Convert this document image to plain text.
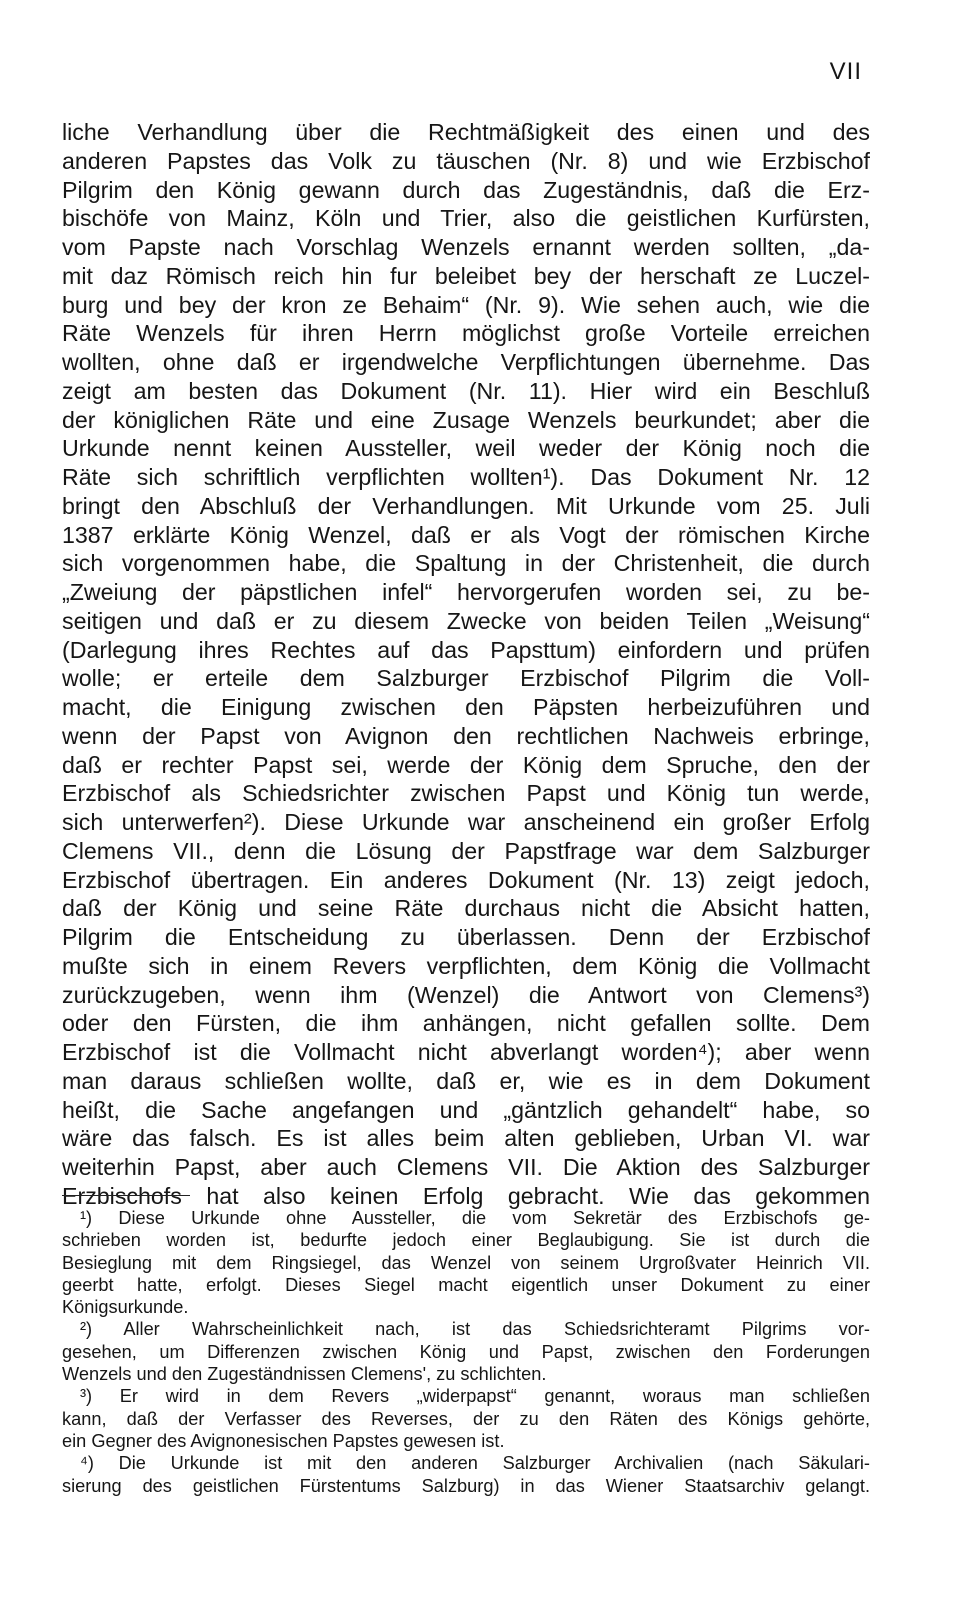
VII
liche Verhandlung über die Rechtmäßigkeit des einen und des
anderen Papstes das Volk zu täuschen (Nr. 8) und wie Erzbischof
Pilgrim den König gewann durch das Zugeständnis, daß die Erz-
bischöfe von Mainz, Köln und Trier, also die geistlichen Kurfürsten,
vom Papste nach Vorschlag Wenzels ernannt werden sollten, „da-
mit daz Römisch reich hin fur beleibet bey der herschaft ze Luczel-
burg und bey der kron ze Behaim“ (Nr. 9). Wie sehen auch, wie die
Räte Wenzels für ihren Herrn möglichst große Vorteile erreichen
wollten, ohne daß er irgendwelche Verpflichtungen übernehme. Das
zeigt am besten das Dokument (Nr. 11). Hier wird ein Beschluß
der königlichen Räte und eine Zusage Wenzels beurkundet; aber die
Urkunde nennt keinen Aussteller, weil weder der König noch die
Räte sich schriftlich verpflichten wollten¹). Das Dokument Nr. 12
bringt den Abschluß der Verhandlungen. Mit Urkunde vom 25. Juli
1387 erklärte König Wenzel, daß er als Vogt der römischen Kirche
sich vorgenommen habe, die Spaltung in der Christenheit, die durch
„Zweiung der päpstlichen infel“ hervorgerufen worden sei, zu be-
seitigen und daß er zu diesem Zwecke von beiden Teilen „Weisung“
(Darlegung ihres Rechtes auf das Papsttum) einfordern und prüfen
wolle; er erteile dem Salzburger Erzbischof Pilgrim die Voll-
macht, die Einigung zwischen den Päpsten herbeizuführen und
wenn der Papst von Avignon den rechtlichen Nachweis erbringe,
daß er rechter Papst sei, werde der König dem Spruche, den der
Erzbischof als Schiedsrichter zwischen Papst und König tun werde,
sich unterwerfen²). Diese Urkunde war anscheinend ein großer Erfolg
Clemens VII., denn die Lösung der Papstfrage war dem Salzburger
Erzbischof übertragen. Ein anderes Dokument (Nr. 13) zeigt jedoch,
daß der König und seine Räte durchaus nicht die Absicht hatten,
Pilgrim die Entscheidung zu überlassen. Denn der Erzbischof
mußte sich in einem Revers verpflichten, dem König die Vollmacht
zurückzugeben, wenn ihm (Wenzel) die Antwort von Clemens³)
oder den Fürsten, die ihm anhängen, nicht gefallen sollte. Dem
Erzbischof ist die Vollmacht nicht abverlangt worden⁴); aber wenn
man daraus schließen wollte, daß er, wie es in dem Dokument
heißt, die Sache angefangen und „gäntzlich gehandelt“ habe, so
wäre das falsch. Es ist alles beim alten geblieben, Urban VI. war
weiterhin Papst, aber auch Clemens VII. Die Aktion des Salzburger
Erzbischofs hat also keinen Erfolg gebracht. Wie das gekommen
¹) Diese Urkunde ohne Aussteller, die vom Sekretär des Erzbischofs ge-
schrieben worden ist, bedurfte jedoch einer Beglaubigung. Sie ist durch die
Besieglung mit dem Ringsiegel, das Wenzel von seinem Urgroßvater Heinrich VII.
geerbt hatte, erfolgt. Dieses Siegel macht eigentlich unser Dokument zu einer
Königsurkunde.
²) Aller Wahrscheinlichkeit nach, ist das Schiedsrichteramt Pilgrims vor-
gesehen, um Differenzen zwischen König und Papst, zwischen den Forderungen
Wenzels und den Zugeständnissen Clemens', zu schlichten.
³) Er wird in dem Revers „widerpapst“ genannt, woraus man schließen
kann, daß der Verfasser des Reverses, der zu den Räten des Königs gehörte,
ein Gegner des Avignonesischen Papstes gewesen ist.
⁴) Die Urkunde ist mit den anderen Salzburger Archivalien (nach Säkulari-
sierung des geistlichen Fürstentums Salzburg) in das Wiener Staatsarchiv gelangt.
